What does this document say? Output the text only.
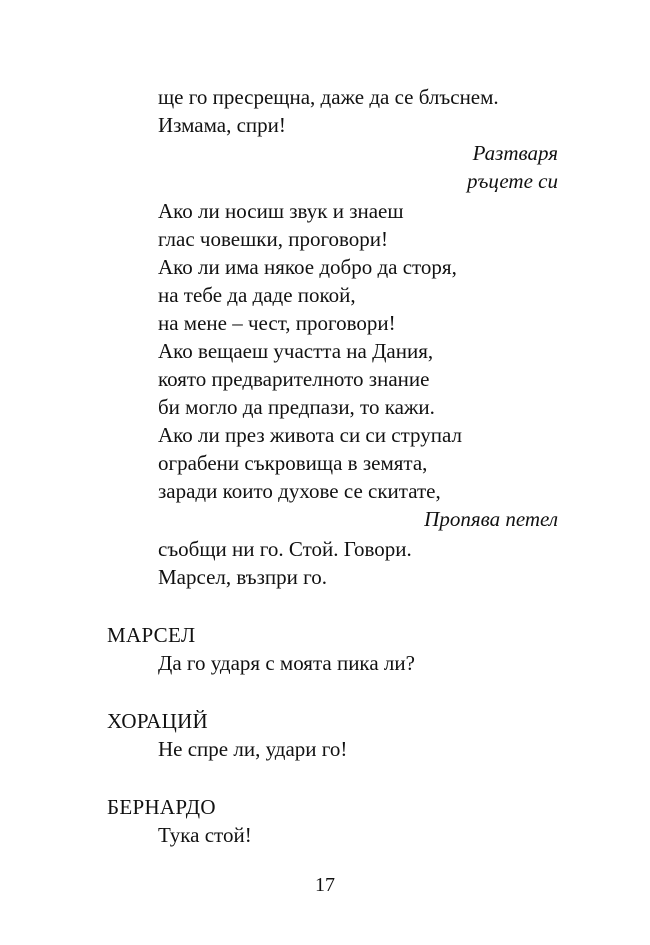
ще го пресрещна, даже да се блъснем.
Измама, спри!
Разтваря
ръцете си
Ако ли носиш звук и знаеш
глас човешки, проговори!
Ако ли има някое добро да сторя,
на тебе да даде покой,
на мене – чест, проговори!
Ако вещаеш участта на Дания,
която предварителното знание
би могло да предпази, то кажи.
Ако ли през живота си си струпал
ограбени съкровища в земята,
заради които духове се скитате,
Пропява петел
съобщи ни го. Стой. Говори.
Марсел, възпри го.
МАРСЕЛ
Да го ударя с моята пика ли?
ХОРАЦИЙ
Не спре ли, удари го!
БЕРНАРДО
Тука стой!
17
